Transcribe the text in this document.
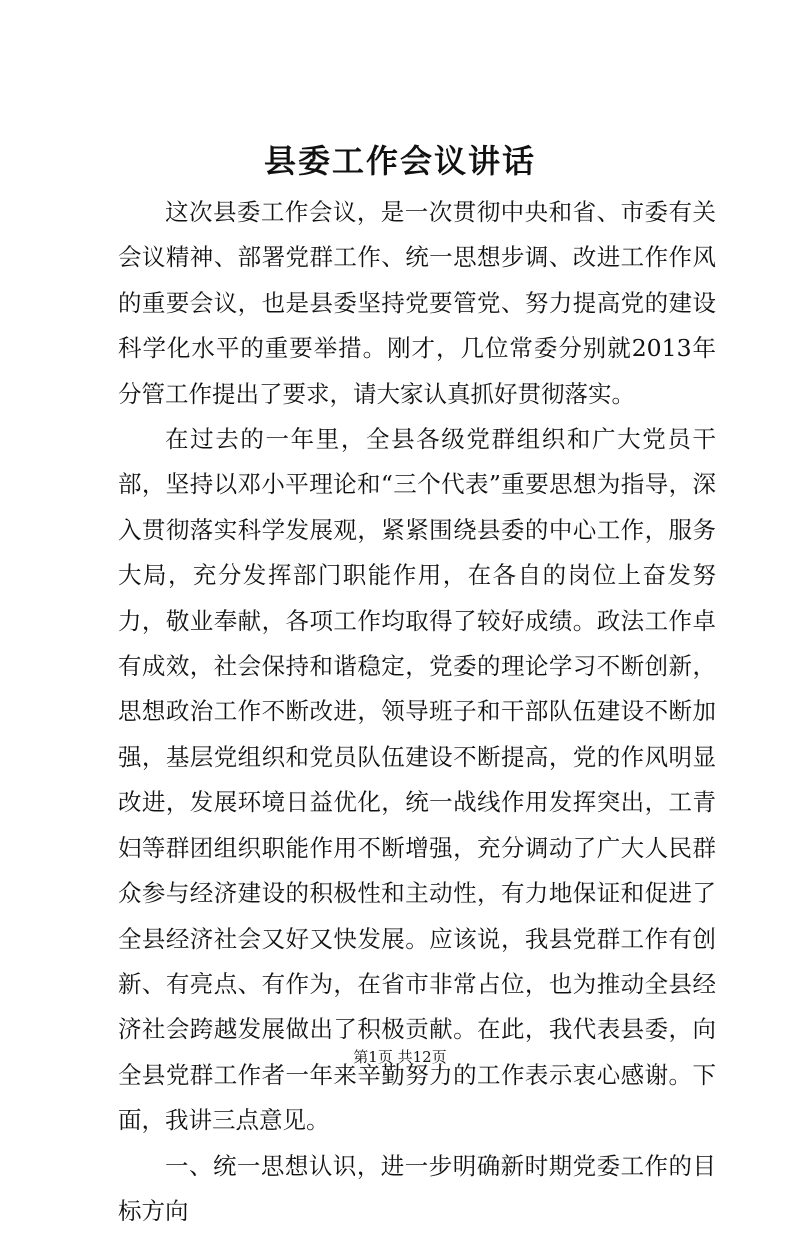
县委工作会议讲话

这次县委工作会议，是一次贯彻中央和省、市委有关会议精神、部署党群工作、统一思想步调、改进工作作风的重要会议，也是县委坚持党要管党、努力提高党的建设科学化水平的重要举措。刚才，几位常委分别就2013年分管工作提出了要求，请大家认真抓好贯彻落实。

在过去的一年里，全县各级党群组织和广大党员干部，坚持以邓小平理论和“三个代表”重要思想为指导，深入贯彻落实科学发展观，紧紧围绕县委的中心工作，服务大局，充分发挥部门职能作用，在各自的岗位上奋发努力，敬业奉献，各项工作均取得了较好成绩。政法工作卓有成效，社会保持和谐稳定，党委的理论学习不断创新，思想政治工作不断改进，领导班子和干部队伍建设不断加强，基层党组织和党员队伍建设不断提高，党的作风明显改进，发展环境日益优化，统一战线作用发挥突出，工青妇等群团组织职能作用不断增强，充分调动了广大人民群众参与经济建设的积极性和主动性，有力地保证和促进了全县经济社会又好又快发展。应该说，我县党群工作有创新、有亮点、有作为，在省市非常占位，也为推动全县经济社会跨越发展做出了积极贡献。在此，我代表县委，向全县党群工作者一年来辛勤努力的工作表示衷心感谢。下面，我讲三点意见。

一、统一思想认识，进一步明确新时期党委工作的目标方向

第1页 共12页
